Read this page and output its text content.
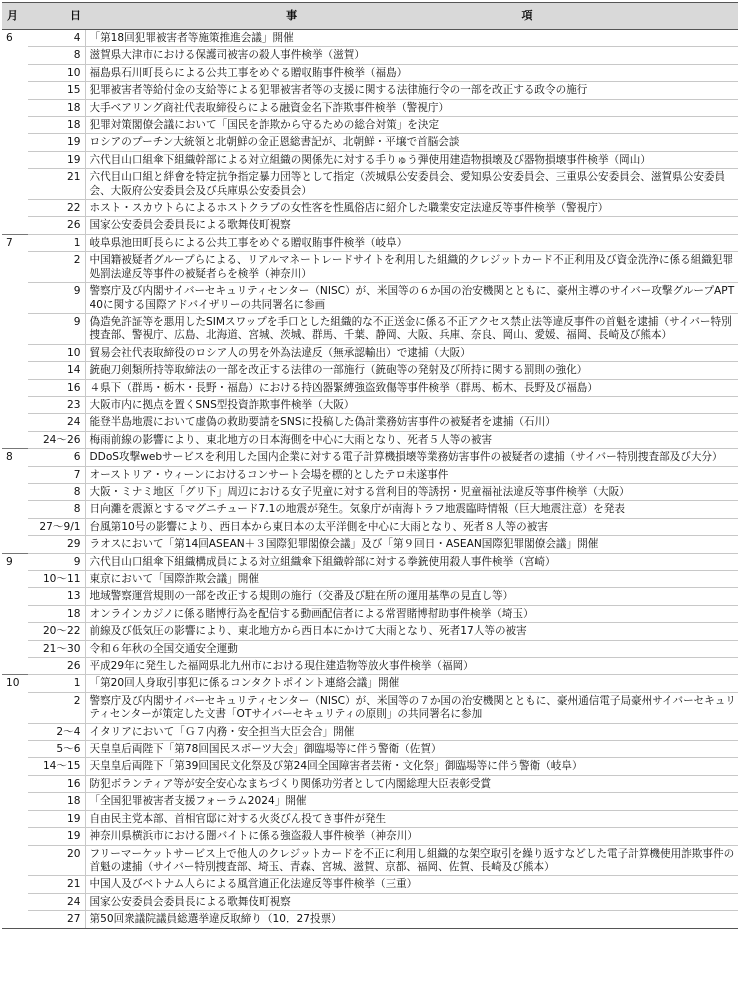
月	日	事 項
6	4	「第18回犯罪被害者等施策推進会議」開催
	8	滋賀県大津市における保護司被害の殺人事件検挙（滋賀）
	10	福島県石川町長らによる公共工事をめぐる贈収賄事件検挙（福島）
	15	犯罪被害者等給付金の支給等による犯罪被害者等の支援に関する法律施行令の一部を改正する政令の施行
	18	大手ベアリング商社代表取締役らによる融資金名下詐欺事件検挙（警視庁）
	18	犯罪対策閣僚会議において「国民を詐欺から守るための総合対策」を決定
	19	ロシアのプーチン大統領と北朝鮮の金正恩総書記が、北朝鮮・平壌で首脳会談
	19	六代目山口組傘下組織幹部による対立組織の関係先に対する手りゅう弾使用建造物損壊及び器物損壊事件検挙（岡山）
	21	六代目山口組と絆會を特定抗争指定暴力団等として指定（茨城県公安委員会、愛知県公安委員会、三重県公安委員会、滋賀県公安委員会、大阪府公安委員会及び兵庫県公安委員会）
	22	ホスト・スカウトらによるホストクラブの女性客を性風俗店に紹介した職業安定法違反等事件検挙（警視庁）
	26	国家公安委員会委員長による歌舞伎町視察
7	1	岐阜県池田町長らによる公共工事をめぐる贈収賄事件検挙（岐阜）
	2	中国籍被疑者グループらによる、リアルマネートレードサイトを利用した組織的クレジットカード不正利用及び資金洗浄に係る組織犯罪処罰法違反等事件の被疑者らを検挙（神奈川）
	9	警察庁及び内閣サイバーセキュリティセンター（NISC）が、米国等の６か国の治安機関とともに、豪州主導のサイバー攻撃グループAPT40に関する国際アドバイザリーの共同署名に参画
	9	偽造免許証等を悪用したSIMスワップを手口とした組織的な不正送金に係る不正アクセス禁止法等違反事件の首魁を逮捕（サイバー特別捜査部、警視庁、広島、北海道、宮城、茨城、群馬、千葉、静岡、大阪、兵庫、奈良、岡山、愛媛、福岡、長崎及び熊本）
	10	貿易会社代表取締役のロシア人の男を外為法違反（無承認輸出）で逮捕（大阪）
	14	銃砲刀剣類所持等取締法の一部を改正する法律の一部施行（銃砲等の発射及び所持に関する罰則の強化）
	16	４県下（群馬・栃木・長野・福島）における持凶器緊縛強盗致傷等事件検挙（群馬、栃木、長野及び福島）
	23	大阪市内に拠点を置くSNS型投資詐欺事件検挙（大阪）
	24	能登半島地震において虚偽の救助要請をSNSに投稿した偽計業務妨害事件の被疑者を逮捕（石川）
	24〜26	梅雨前線の影響により、東北地方の日本海側を中心に大雨となり、死者５人等の被害
8	6	DDoS攻撃webサービスを利用した国内企業に対する電子計算機損壊等業務妨害事件の被疑者の逮捕（サイバー特別捜査部及び大分）
	7	オーストリア・ウィーンにおけるコンサート会場を標的としたテロ未遂事件
	8	大阪・ミナミ地区「グリ下」周辺における女子児童に対する営利目的等誘拐・児童福祉法違反等事件検挙（大阪）
	8	日向灘を震源とするマグニチュード7.1の地震が発生。気象庁が南海トラフ地震臨時情報（巨大地震注意）を発表
	27〜9/1	台風第10号の影響により、西日本から東日本の太平洋側を中心に大雨となり、死者８人等の被害
	29	ラオスにおいて「第14回ASEAN＋３国際犯罪閣僚会議」及び「第９回日・ASEAN国際犯罪閣僚会議」開催
9	9	六代目山口組傘下組織構成員による対立組織傘下組織幹部に対する拳銃使用殺人事件検挙（宮崎）
	10〜11	東京において「国際詐欺会議」開催
	13	地域警察運営規則の一部を改正する規則の施行（交番及び駐在所の運用基準の見直し等）
	18	オンラインカジノに係る賭博行為を配信する動画配信者による常習賭博幇助事件検挙（埼玉）
	20〜22	前線及び低気圧の影響により、東北地方から西日本にかけて大雨となり、死者17人等の被害
	21〜30	令和６年秋の全国交通安全運動
	26	平成29年に発生した福岡県北九州市における現住建造物等放火事件検挙（福岡）
10	1	「第20回人身取引事犯に係るコンタクトポイント連絡会議」開催
	2	警察庁及び内閣サイバーセキュリティセンター（NISC）が、米国等の７か国の治安機関とともに、豪州通信電子局豪州サイバーセキュリティセンターが策定した文書「OTサイバーセキュリティの原則」の共同署名に参加
	2〜4	イタリアにおいて「Ｇ７内務・安全担当大臣会合」開催
	5〜6	天皇皇后両陛下「第78回国民スポーツ大会」御臨場等に伴う警衛（佐賀）
	14〜15	天皇皇后両陛下「第39回国民文化祭及び第24回全国障害者芸術・文化祭」御臨場等に伴う警衛（岐阜）
	16	防犯ボランティア等が安全安心なまちづくり関係功労者として内閣総理大臣表彰受賞
	18	「全国犯罪被害者支援フォーラム2024」開催
	19	自由民主党本部、首相官邸に対する火炎びん投てき事件が発生
	19	神奈川県横浜市における闇バイトに係る強盗殺人事件検挙（神奈川）
	20	フリーマーケットサービス上で他人のクレジットカードを不正に利用し組織的な架空取引を繰り返すなどした電子計算機使用詐欺事件の首魁の逮捕（サイバー特別捜査部、埼玉、青森、宮城、滋賀、京都、福岡、佐賀、長崎及び熊本）
	21	中国人及びベトナム人らによる風営適正化法違反等事件検挙（三重）
	24	国家公安委員会委員長による歌舞伎町視察
	27	第50回衆議院議員総選挙違反取締り（10．27投票）
